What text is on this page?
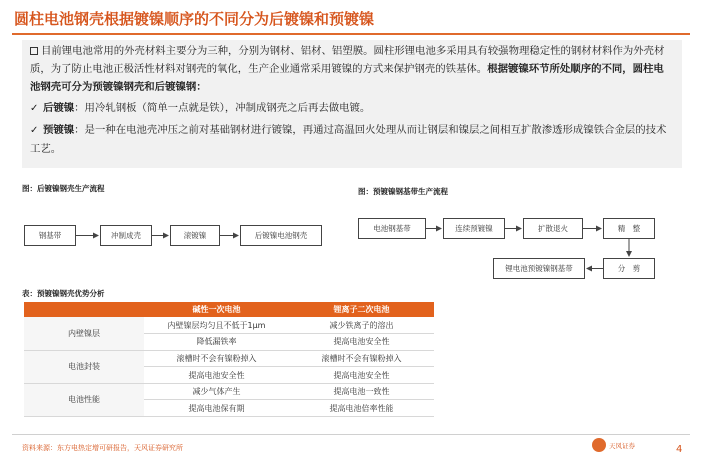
圆柱电池钢壳根据镀镍顺序的不同分为后镀镍和预镀镍
目前锂电池常用的外壳材料主要分为三种，分别为钢材、铝材、铝塑膜。圆柱形锂电池多采用具有较强物理稳定性的钢材材料作为外壳材质，为了防止电池正极活性材料对钢壳的氧化，生产企业通常采用镀镍的方式来保护钢壳的铁基体。根据镀镍环节所处顺序的不同，圆柱电池钢壳可分为预镀镍钢壳和后镀镍钢：
✓ 后镀镍：用冷轧钢板（简单一点就是铁），冲制成钢壳之后再去做电镀。
✓ 预镀镍：是一种在电池壳冲压之前对基础钢材进行镀镍，再通过高温回火处理从而让钢层和镍层之间相互扩散渗透形成镍铁合金层的技术工艺。
图：后镀镍钢壳生产流程
钢基带	冲制成壳	滚镀镍	后镀镍电池钢壳
图：预镀镍钢基带生产流程
电池钢基带	连续预镀镍	扩散退火	精　整
锂电池预镀镍钢基带	分　剪
表：预镀镍钢壳优势分析
	碱性一次电池	锂离子二次电池
内壁镍层	内壁镍层均匀且不低于1μm	减少铁离子的溶出
	降低漏铁率	提高电池安全性
电池封装	滚槽时不会有镍粉掉入	滚槽时不会有镍粉掉入
	提高电池安全性	提高电池安全性
电池性能	减少气体产生	提高电池一致性
	提高电池保有期	提高电池倍率性能
资料来源：东方电热定增可研报告，天风证券研究所	天风证券	4
